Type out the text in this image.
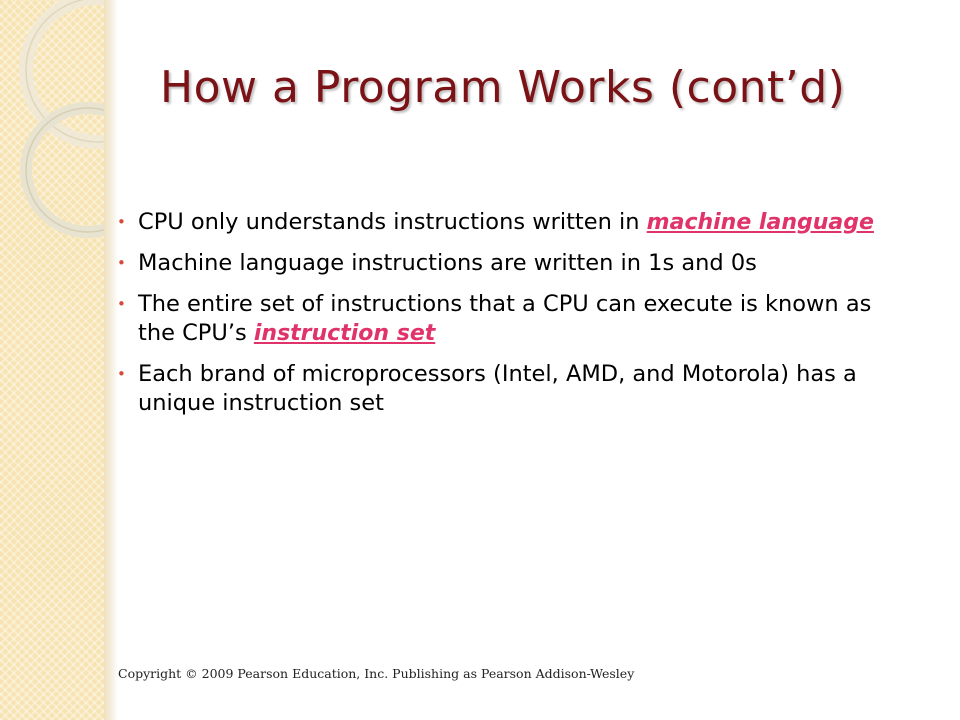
How a Program Works (cont’d)
• CPU only understands instructions written in machine language
• Machine language instructions are written in 1s and 0s
• The entire set of instructions that a CPU can execute is known as the CPU’s instruction set
• Each brand of microprocessors (Intel, AMD, and Motorola) has a unique instruction set
Copyright © 2009 Pearson Education, Inc. Publishing as Pearson Addison-Wesley
